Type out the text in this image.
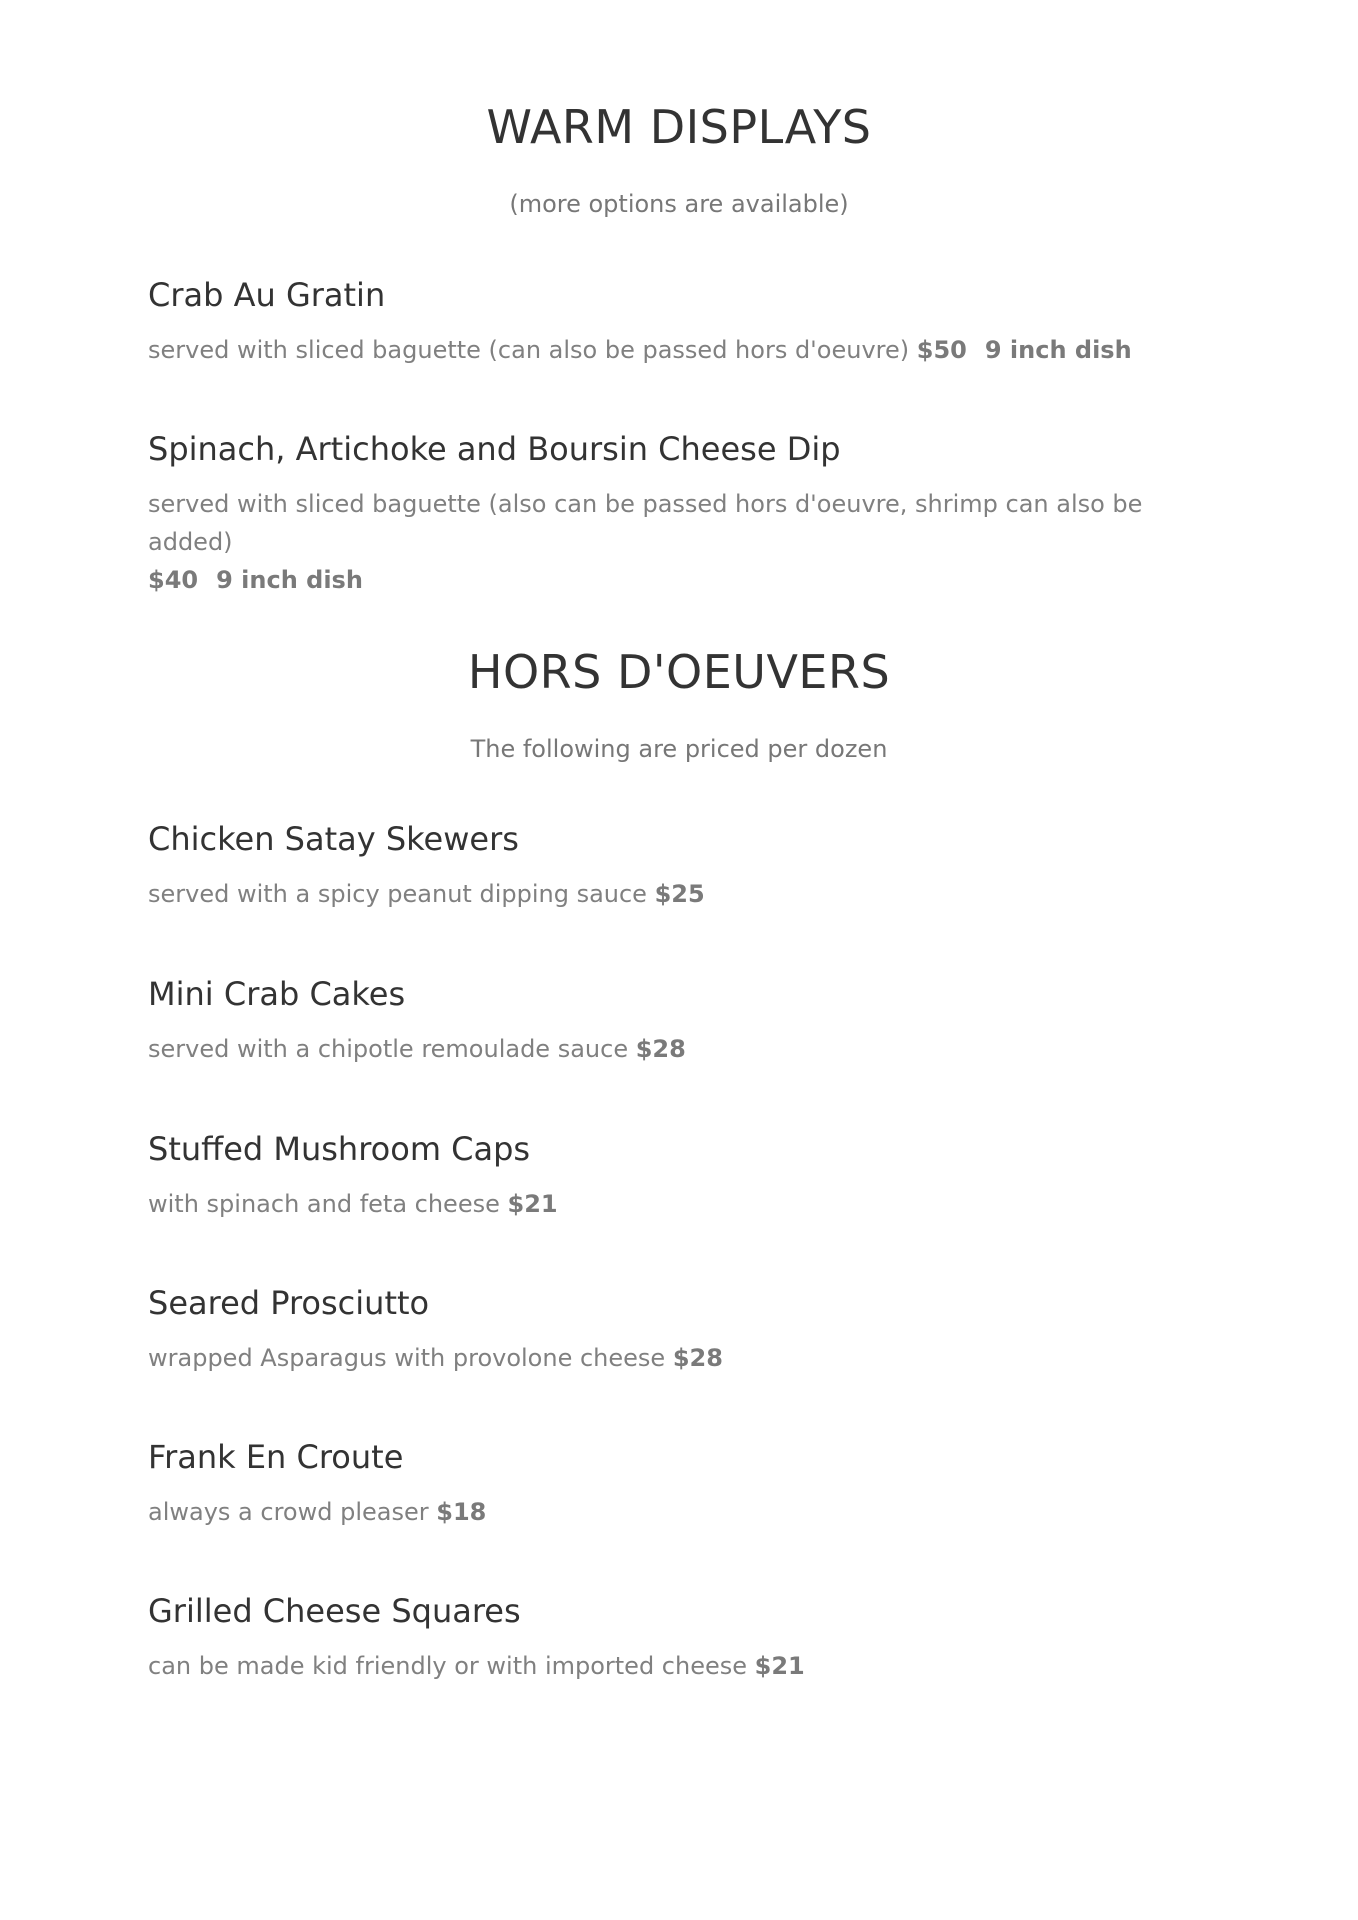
WARM DISPLAYS

(more options are available)

Crab Au Gratin

served with sliced baguette (can also be passed hors d'oeuvre) $50 9 inch dish

Spinach, Artichoke and Boursin Cheese Dip

served with sliced baguette (also can be passed hors d'oeuvre, shrimp can also be added)
$40 9 inch dish

HORS D'OEUVERS

The following are priced per dozen

Chicken Satay Skewers

served with a spicy peanut dipping sauce $25

Mini Crab Cakes

served with a chipotle remoulade sauce $28

Stuffed Mushroom Caps

with spinach and feta cheese $21

Seared Prosciutto

wrapped Asparagus with provolone cheese $28

Frank En Croute

always a crowd pleaser $18

Grilled Cheese Squares

can be made kid friendly or with imported cheese $21
